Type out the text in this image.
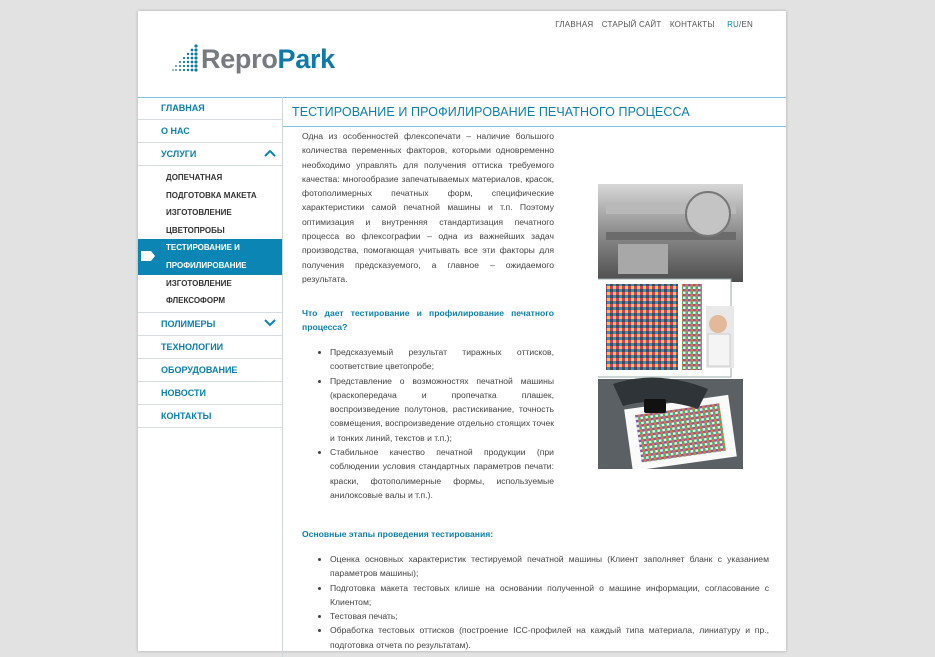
ГЛАВНАЯ СТАРЫЙ САЙТ КОНТАКТЫ RU/EN
ReproPark
ГЛАВНАЯ
О НАС
УСЛУГИ
ДОПЕЧАТНАЯ
ПОДГОТОВКА МАКЕТА
ИЗГОТОВЛЕНИЕ
ЦВЕТОПРОБЫ
ТЕСТИРОВАНИЕ И
ПРОФИЛИРОВАНИЕ
ИЗГОТОВЛЕНИЕ
ФЛЕКСОФОРМ
ПОЛИМЕРЫ
ТЕХНОЛОГИИ
ОБОРУДОВАНИЕ
НОВОСТИ
КОНТАКТЫ
ТЕСТИРОВАНИЕ И ПРОФИЛИРОВАНИЕ ПЕЧАТНОГО ПРОЦЕССА

Одна из особенностей флексопечати – наличие большого количества переменных факторов, которыми одновременно необходимо управлять для получения оттиска требуемого качества: многообразие запечатываемых материалов, красок, фотополимерных печатных форм, специфические характеристики самой печатной машины и т.п. Поэтому оптимизация и внутренняя стандартизация печатного процесса во флексографии – одна из важнейших задач производства, помогающая учитывать все эти факторы для получения предсказуемого, а главное – ожидаемого результата.

Что дает тестирование и профилирование печатного процесса?

• Предсказуемый результат тиражных оттисков, соответствие цветопробе;
• Представление о возможностях печатной машины (краскопередача и пропечатка плашек, воспроизведение полутонов, растискивание, точность совмещения, воспроизведение отдельно стоящих точек и тонких линий, текстов и т.п.);
• Стабильное качество печатной продукции (при соблюдении условия стандартных параметров печати: краски, фотополимерные формы, используемые анилоксовые валы и т.п.).

Основные этапы проведения тестирования:

• Оценка основных характеристик тестируемой печатной машины (Клиент заполняет бланк с указанием параметров машины);
• Подготовка макета тестовых клише на основании полученной о машине информации, согласование с Клиентом;
• Тестовая печать;
• Обработка тестовых оттисков (построение ICC-профилей на каждый типа материала, линиатуру и пр., подготовка отчета по результатам).
